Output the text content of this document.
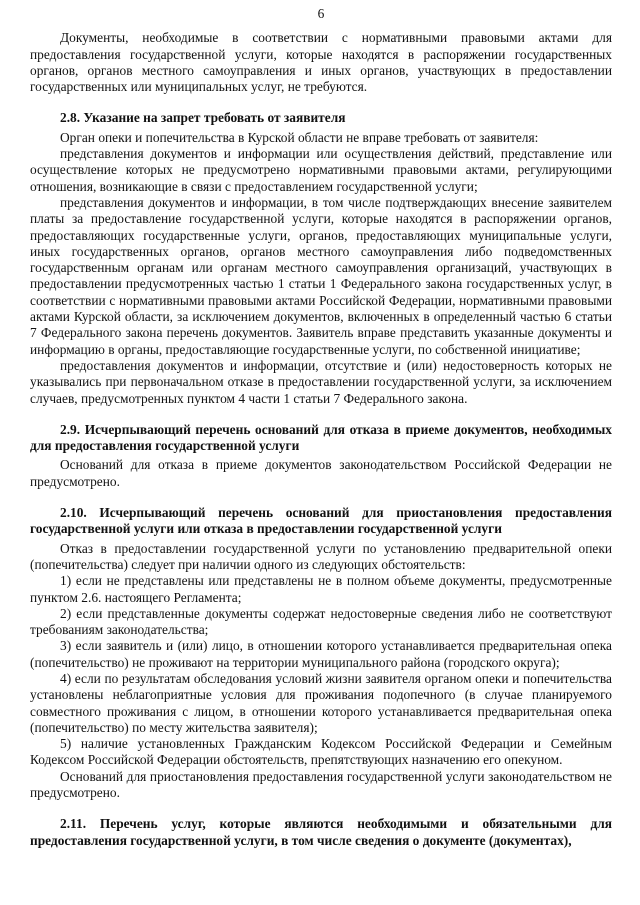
6

Документы, необходимые в соответствии с нормативными правовыми актами для предоставления государственной услуги, которые находятся в распоряжении государственных органов, органов местного самоуправления и иных органов, участвующих в предоставлении государственных или муниципальных услуг, не требуются.

2.8. Указание на запрет требовать от заявителя

Орган опеки и попечительства в Курской области не вправе требовать от заявителя:

представления документов и информации или осуществления действий, представление или осуществление которых не предусмотрено нормативными правовыми актами, регулирующими отношения, возникающие в связи с предоставлением государственной услуги;

представления документов и информации, в том числе подтверждающих внесение заявителем платы за предоставление государственной услуги, которые находятся в распоряжении органов, предоставляющих государственные услуги, органов, предоставляющих муниципальные услуги, иных государственных органов, органов местного самоуправления либо подведомственных государственным органам или органам местного самоуправления организаций, участвующих в предоставлении предусмотренных частью 1 статьи 1 Федерального закона государственных услуг, в соответствии с нормативными правовыми актами Российской Федерации, нормативными правовыми актами Курской области, за исключением документов, включенных в определенный частью 6 статьи 7 Федерального закона перечень документов. Заявитель вправе представить указанные документы и информацию в органы, предоставляющие государственные услуги, по собственной инициативе;

предоставления документов и информации, отсутствие и (или) недостоверность которых не указывались при первоначальном отказе в предоставлении государственной услуги, за исключением случаев, предусмотренных пунктом 4 части 1 статьи 7 Федерального закона.

2.9. Исчерпывающий перечень оснований для отказа в приеме документов, необходимых для предоставления государственной услуги

Оснований для отказа в приеме документов законодательством Российской Федерации не предусмотрено.

2.10. Исчерпывающий перечень оснований для приостановления предоставления государственной услуги или отказа в предоставлении государственной услуги

Отказ в предоставлении государственной услуги по установлению предварительной опеки (попечительства) следует при наличии одного из следующих обстоятельств:

1) если не представлены или представлены не в полном объеме документы, предусмотренные пунктом 2.6. настоящего Регламента;

2) если представленные документы содержат недостоверные сведения либо не соответствуют требованиям законодательства;

3) если заявитель и (или) лицо, в отношении которого устанавливается предварительная опека (попечительство) не проживают на территории муниципального района (городского округа);

4) если по результатам обследования условий жизни заявителя органом опеки и попечительства установлены неблагоприятные условия для проживания подопечного (в случае планируемого совместного проживания с лицом, в отношении которого устанавливается предварительная опека (попечительство) по месту жительства заявителя);

5) наличие установленных Гражданским Кодексом Российской Федерации и Семейным Кодексом Российской Федерации обстоятельств, препятствующих назначению его опекуном.

Оснований для приостановления предоставления государственной услуги законодательством не предусмотрено.

2.11. Перечень услуг, которые являются необходимыми и обязательными для предоставления государственной услуги, в том числе сведения о документе (документах),
